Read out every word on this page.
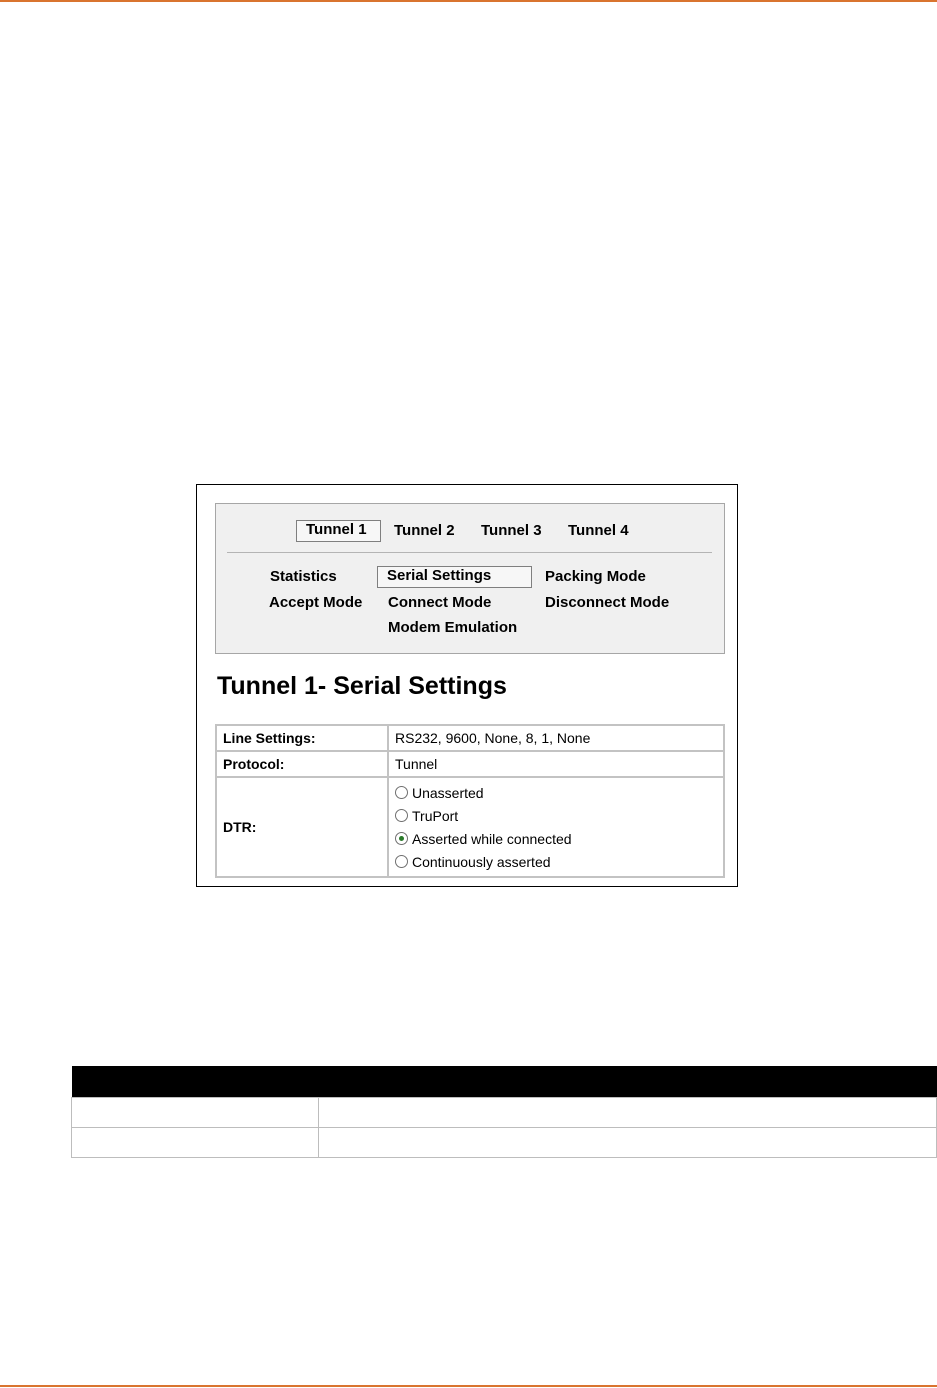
Tunnel 1	Tunnel 2 Tunnel 3 Tunnel 4
Statistics	Serial Settings	Packing Mode
Accept Mode Connect Mode	Disconnect Mode
Modem Emulation
Tunnel 1- Serial Settings
Line Settings:	RS232, 9600, None, 8, 1, None
Protocol:	Tunnel
DTR:	Unasserted
TruPort
Asserted while connected
Continuously asserted
